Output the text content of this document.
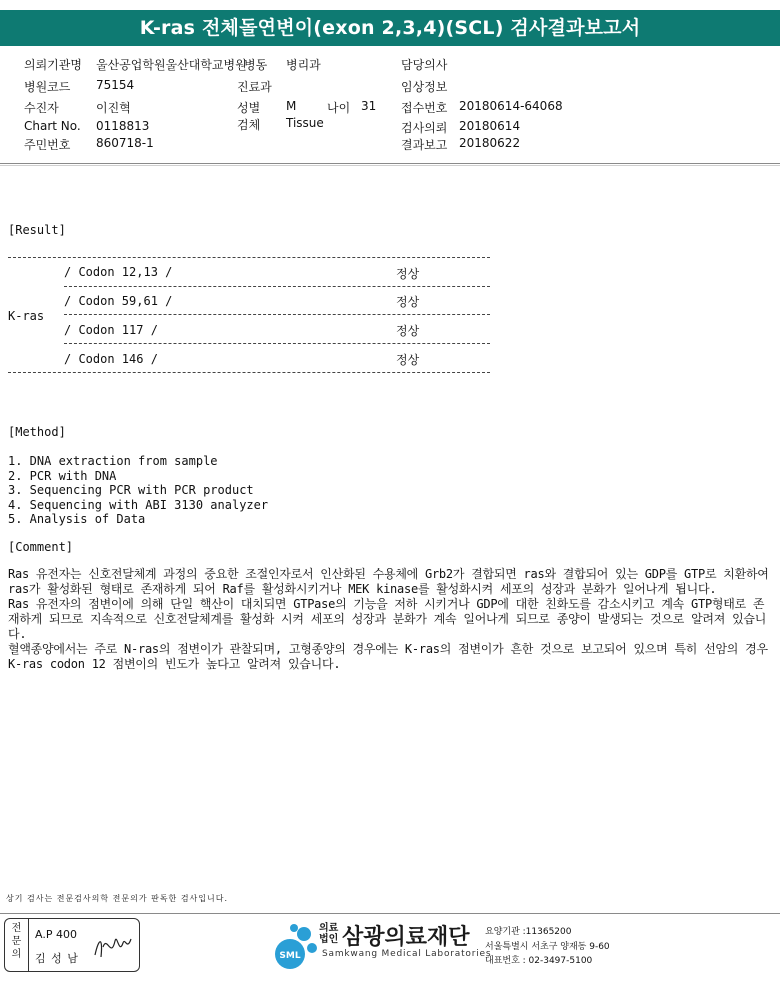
K-ras 전체돌연변이(exon 2,3,4)(SCL) 검사결과보고서
의뢰기관명 울산공업학원울산대학교병원
병동 병리과	담당의사
병원코드 75154	진료과	임상정보
수진자	이진혁	성별 M	나이 31 접수번호 20180614-64068
Chart No. 0118813	검체 Tissue	검사의뢰 20180614
주민번호 860718-1	결과보고 20180622
[Result]
K-ras
/ Codon 12,13 /	정상
/ Codon 59,61 /	정상
/ Codon 117 /	정상
/ Codon 146 /	정상
[Method]
1. DNA extraction from sample
2. PCR with DNA
3. Sequencing PCR with PCR product
4. Sequencing with ABI 3130 analyzer
5. Analysis of Data
[Comment]

Ras 유전자는 신호전달체계 과정의 중요한 조절인자로서 인산화된 수용체에 Grb2가 결합되면 ras와 결합되어 있는 GDP를 GTP로 치환하여 ras가 활성화된 형태로 존재하게 되어 Raf를 활성화시키거나 MEK kinase를 활성화시켜 세포의 성장과 분화가 일어나게 됩니다.

Ras 유전자의 점변이에 의해 단일 핵산이 대치되면 GTPase의 기능을 저하 시키거나 GDP에 대한 친화도를 감소시키고 계속 GTP형태로 존재하게 되므로 지속적으로 신호전달체계를 활성화 시켜 세포의 성장과 분화가 계속 일어나게 되므로 종양이 발생되는 것으로 알려져 있습니다.

혈액종양에서는 주로 N-ras의 점변이가 관찰되며, 고형종양의 경우에는 K-ras의 점변이가 흔한 것으로 보고되어 있으며 특히 선암의 경우 K-ras codon 12 점변이의 빈도가 높다고 알려져 있습니다.

상기 검사는 전문검사의학 전문의가 판독한 검사입니다.
전문의
A.P 400
김 성 남	SML
의료
법인 삼광의료재단
Samkwang Medical Laboratories
요양기관 :11365200
서울특별시 서초구 양재동 9-60
대표번호 : 02-3497-5100
